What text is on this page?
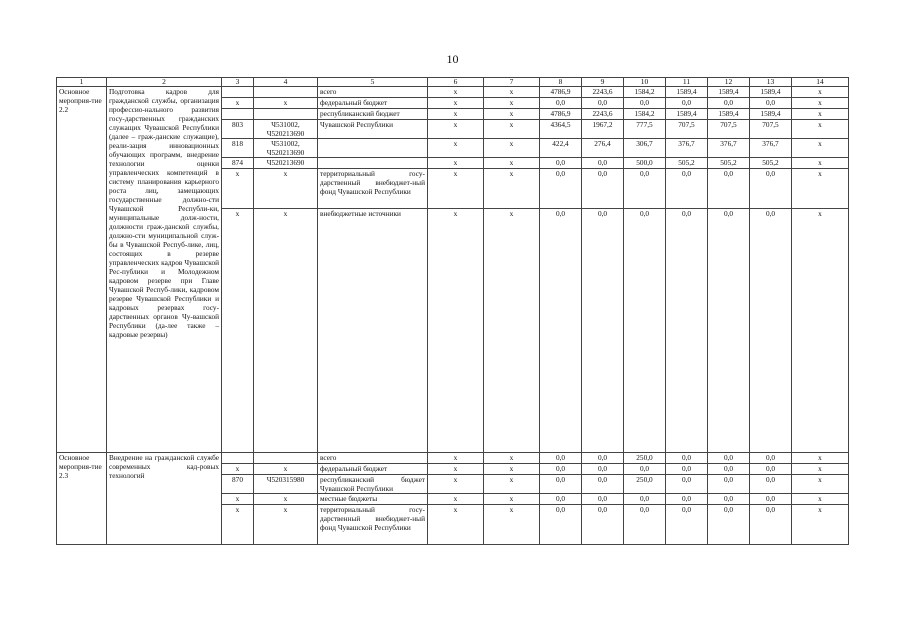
10
1	2	3	4	5	6	7	8	9	10	11	12	13	14
Основное мероприя-тие 2.2	Подготовка кадров для гражданской службы, организация профессио-нального развития госу-дарственных гражданских служащих Чувашской Республики (далее – граж-данские служащие), реали-зация инновационных обучающих программ, внедрение технологии оценки управленческих компетенций в систему планирования карьерного роста лиц, замещающих государственные должно-сти Чувашской Республи-ки, муниципальные долж-ности, должности граж-данской службы, должно-сти муниципальной служ-бы в Чувашской Респуб-лике, лиц, состоящих в резерве управленческих кадров Чувашской Рес-публики и Молодежном кадровом резерве при Главе Чувашской Респуб-лики, кадровом резерве Чувашской Республики и кадровых резервах госу-дарственных органов Чу-вашской Республики (да-лее также – кадровые резервы)			всего	x	x	4786,9	2243,6	1584,2	1589,4	1589,4	1589,4	x
		x	x	федеральный бюджет	x	x	0,0	0,0	0,0	0,0	0,0	0,0	x
				республиканский бюджет	x	x	4786,9	2243,6	1584,2	1589,4	1589,4	1589,4	x
		803	Ч531002, Ч520213690	Чувашской Республики	x	x	4364,5	1967,2	777,5	707,5	707,5	707,5	x
		818	Ч531002, Ч520213690		x	x	422,4	276,4	306,7	376,7	376,7	376,7	x
		874	Ч520213690		x	x	0,0	0,0	500,0	505,2	505,2	505,2	x
		x	x	территориальный госу-дарственный внебюджет-ный фонд Чувашской Республики	x	x	0,0	0,0	0,0	0,0	0,0	0,0	x
		x	x	внебюджетные источники	x	x	0,0	0,0	0,0	0,0	0,0	0,0	x
Основное мероприя-тие 2.3	Внедрение на гражданской службе современных кад-ровых технологий			всего	x	x	0,0	0,0	250,0	0,0	0,0	0,0	x
		x	x	федеральный бюджет	x	x	0,0	0,0	0,0	0,0	0,0	0,0	x
		870	Ч520315980	республиканский бюджет Чувашской Республики	x	x	0,0	0,0	250,0	0,0	0,0	0,0	x
		x	x	местные бюджеты	x	x	0,0	0,0	0,0	0,0	0,0	0,0	x
		x	x	территориальный госу-дарственный внебюджет-ный фонд Чувашской Республики	x	x	0,0	0,0	0,0	0,0	0,0	0,0	x
